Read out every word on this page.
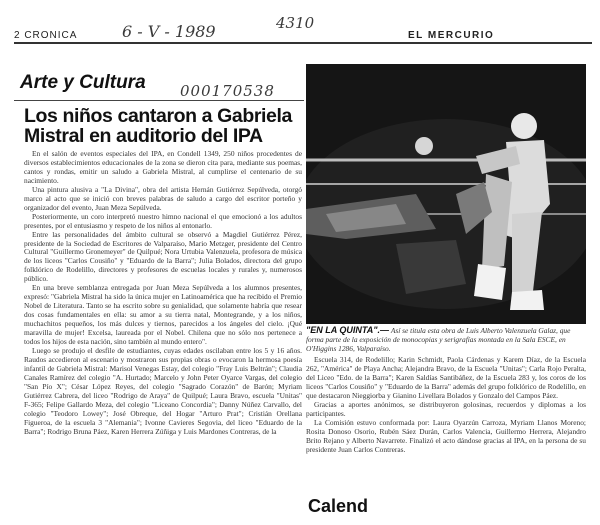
2 CRONICA	6 - V - 1989	4310
EL MERCURIO
Arte y Cultura 000170538
Los niños cantaron a Gabriela Mistral en auditorio del IPA

En el salón de eventos especiales del IPA, en Condell 1349, 250 niños procedentes de diversos establecimientos educacionales de la zona se dieron cita para, mediante sus poemas, cantos y rondas, emitir un saludo a Gabriela Mistral, al cumplirse el centenario de su nacimiento.

Una pintura alusiva a "La Divina", obra del artista Hernán Gutiérrez Sepúlveda, otorgó marco al acto que se inició con breves palabras de saludo a cargo del escritor porteño y organizador del evento, Juan Meza Sepúlveda.

Posteriormente, un coro interpretó nuestro himno nacional el que emocionó a los adultos presentes, por el entusiasmo y respeto de los niños al entonarlo.

Entre las personalidades del ámbito cultural se observó a Magdiel Gutiérrez Pérez, presidente de la Sociedad de Escritores de Valparaíso, Mario Metzger, presidente del Centro Cultural "Guillermo Gronemeyer" de Quilpué; Nora Urtubia Valenzuela, profesora de música de los liceos "Carlos Cousiño" y "Eduardo de la Barra"; Julia Bolados, directora del grupo folklórico de Rodelillo, directores y profesores de escuelas locales y rurales y, numerosos público.

En una breve semblanza entregada por Juan Meza Sepúlveda a los alumnos presentes, expresó: "Gabriela Mistral ha sido la única mujer en Latinoamérica que ha recibido el Premio Nobel de Literatura. Tanto se ha escrito sobre su genialidad, que solamente habría que resear dos cosas fundamentales en ella: su amor a su tierra natal, Montegrande, y a los niños, muchachitos pequeños, los más dulces y tiernos, parecidos a los ángeles del cielo. ¡Qué maravilla de mujer! Excelsa, laureada por el Nobel. Chilena que no sólo nos pertenece a todos los hijos de esta nación, sino también al mundo entero".

Luego se produjo el desfile de estudiantes, cuyas edades oscilaban entre los 5 y 16 años. Raudos accedieron al escenario y mostraron sus propias obras o evocaron la hermosa poesía infantil de Gabriela Mistral: Marisol Venegas Estay, del colegio "Fray Luis Beltrán"; Claudia Canales Ramírez del colegio "A. Hurtado; Marcelo y John Peter Oyarce Vargas, del colegio "San Pío X"; César López Reyes, del colegio "Sagrado Corazón" de Barón; Myriam Gutiérrez Cabrera, del liceo "Rodrigo de Araya" de Quilpué; Laura Bravo, escuela "Unitas" F-365; Felipe Gallardo Meza, del colegio "Liceano Concordia"; Danny Núñez Carvallo, del colegio "Teodoro Lowey"; José Obreque, del Hogar "Arturo Prat"; Cristián Orellana Figueroa, de la escuela 3 "Alemania"; Ivonne Cavieres Segovia, del liceo "Eduardo de la Barra"; Rodrigo Bruna Páez, Karen Herrera Zúñiga y Luis Mardones Contreras, de la

"EN LA QUINTA".— Así se titula esta obra de Luis Alberto Valenzuela Galaz, que forma parte de la exposición de monocopias y serigrafías montada en la Sala ESCE, en O'Higgins 1286, Valparaíso.

Escuela 314, de Rodelillo; Karin Schmidt, Paola Cárdenas y Karem Díaz, de la Escuela 262, "América" de Playa Ancha; Alejandra Bravo, de la Escuela "Unitas"; Carla Rojo Peralta, del Liceo "Edo. de la Barra"; Karen Saldías Santibáñez, de la Escuela 283 y, los coros de los liceos "Carlos Cousiño" y "Eduardo de la Barra" además del grupo folklórico de Rodelillo, en que destacaron Nieggiorba y Gianino Livellara Bolados y Gonzalo del Campos Páez.

Gracias a aportes anónimos, se distribuyeron golosinas, recuerdos y diplomas a los participantes.

La Comisión estuvo conformada por: Laura Oyarzún Carroza, Myriam Llanos Moreno; Rosita Donoso Osorio, Rubén Sáez Durán, Carlos Valencia, Guillermo Herrera, Alejandro Brito Rejano y Alberto Navarrete. Finalizó el acto dándose gracias al IPA, en la persona de su presidente Juan Carlos Contreras.

Calend
